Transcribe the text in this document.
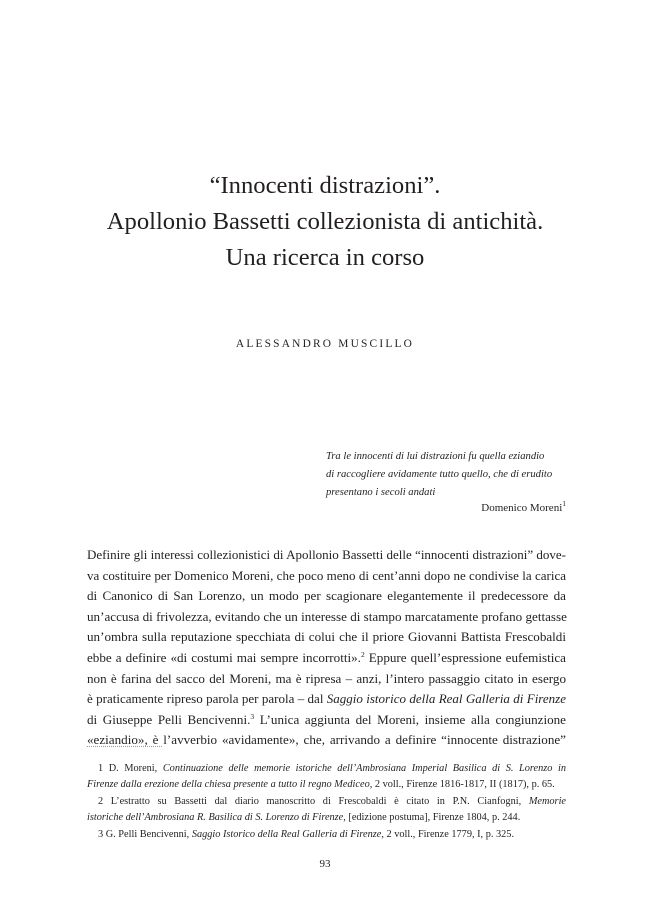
“Innocenti distrazioni”.
Apollonio Bassetti collezionista di antichità.
Una ricerca in corso
ALESSANDRO MUSCILLO
Tra le innocenti di lui distrazioni fu quella eziandio
di raccogliere avidamente tutto quello, che di erudito
presentano i secoli andati
Domenico Moreni$^1$
Definire gli interessi collezionistici di Apollonio Bassetti delle “innocenti distrazioni” dove-
va costituire per Domenico Moreni, che poco meno di cent’anni dopo ne condivise la carica
di Canonico di San Lorenzo, un modo per scagionare elegantemente il predecessore da
un’accusa di frivolezza, evitando che un interesse di stampo marcatamente profano gettasse
un’ombra sulla reputazione specchiata di colui che il priore Giovanni Battista Frescobaldi
ebbe a definire «di costumi mai sempre incorrotti».$^2$ Eppure quell’espressione eufemistica
non è farina del sacco del Moreni, ma è ripresa – anzi, l’intero passaggio citato in esergo
è praticamente ripreso parola per parola – dal Saggio istorico della Real Galleria di Firenze
di Giuseppe Pelli Bencivenni.$^3$ L’unica aggiunta del Moreni, insieme alla congiunzione
«eziandio», è l’avverbio «avidamente», che, arrivando a definire “innocente distrazione”
1 D. Moreni, Continuazione delle memorie istoriche dell’Ambrosiana Imperial Basilica di S. Lorenzo in
Firenze dalla erezione della chiesa presente a tutto il regno Mediceo, 2 voll., Firenze 1816-1817, II (1817), p. 65.
2 L’estratto su Bassetti dal diario manoscritto di Frescobaldi è citato in P.N. Cianfogni, Memorie
istoriche dell’Ambrosiana R. Basilica di S. Lorenzo di Firenze, [edizione postuma], Firenze 1804, p. 244.
3 G. Pelli Bencivenni, Saggio Istorico della Real Galleria di Firenze, 2 voll., Firenze 1779, I, p. 325.
93
